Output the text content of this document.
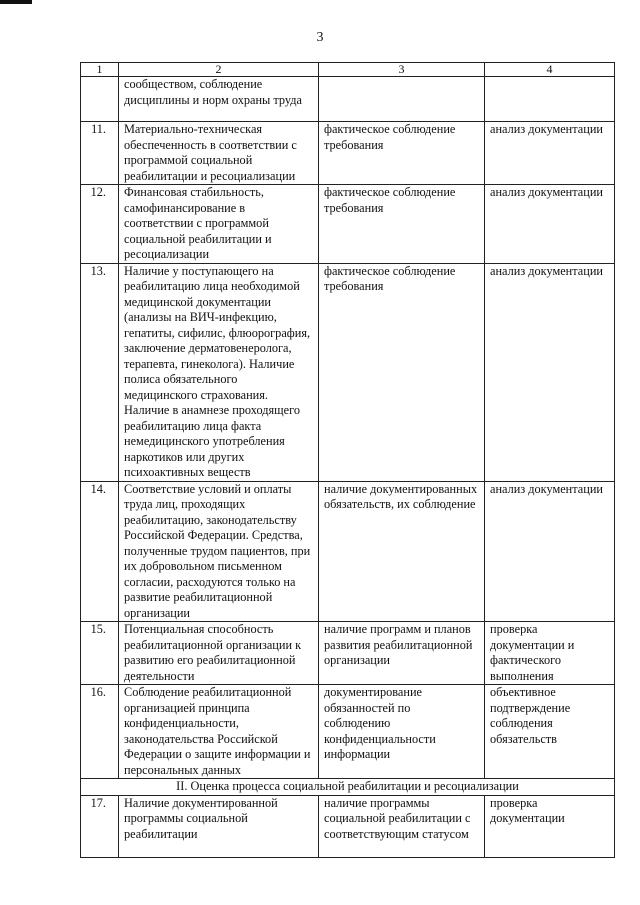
3
1	2	3	4
	сообществом, соблюдение дисциплины и норм охраны труда		
11.	Материально-техническая обеспеченность в соответствии с программой социальной реабилитации и ресоциализации	фактическое соблюдение требования	анализ документации
12.	Финансовая стабильность, самофинансирование в соответствии с программой социальной реабилитации и ресоциализации	фактическое соблюдение требования	анализ документации
13.	Наличие у поступающего на реабилитацию лица необходимой медицинской документации (анализы на ВИЧ-инфекцию, гепатиты, сифилис, флюорография, заключение дерматовенеролога, терапевта, гинеколога). Наличие полиса обязательного медицинского страхования. Наличие в анамнезе проходящего реабилитацию лица факта немедицинского употребления наркотиков или других психоактивных веществ	фактическое соблюдение требования	анализ документации
14.	Соответствие условий и оплаты труда лиц, проходящих реабилитацию, законодательству Российской Федерации. Средства, полученные трудом пациентов, при их добровольном письменном согласии, расходуются только на развитие реабилитационной организации	наличие документированных обязательств, их соблюдение	анализ документации
15.	Потенциальная способность реабилитационной организации к развитию его реабилитационной деятельности	наличие программ и планов развития реабилитационной организации	проверка документации и фактического выполнения
16.	Соблюдение реабилитационной организацией принципа конфиденциальности, законодательства Российской Федерации о защите информации и персональных данных	документирование обязанностей по соблюдению конфиденциальности информации	объективное подтверждение соблюдения обязательств
II. Оценка процесса социальной реабилитации и ресоциализации			
17.	Наличие документированной программы социальной реабилитации	наличие программы социальной реабилитации с соответствующим статусом	проверка документации
